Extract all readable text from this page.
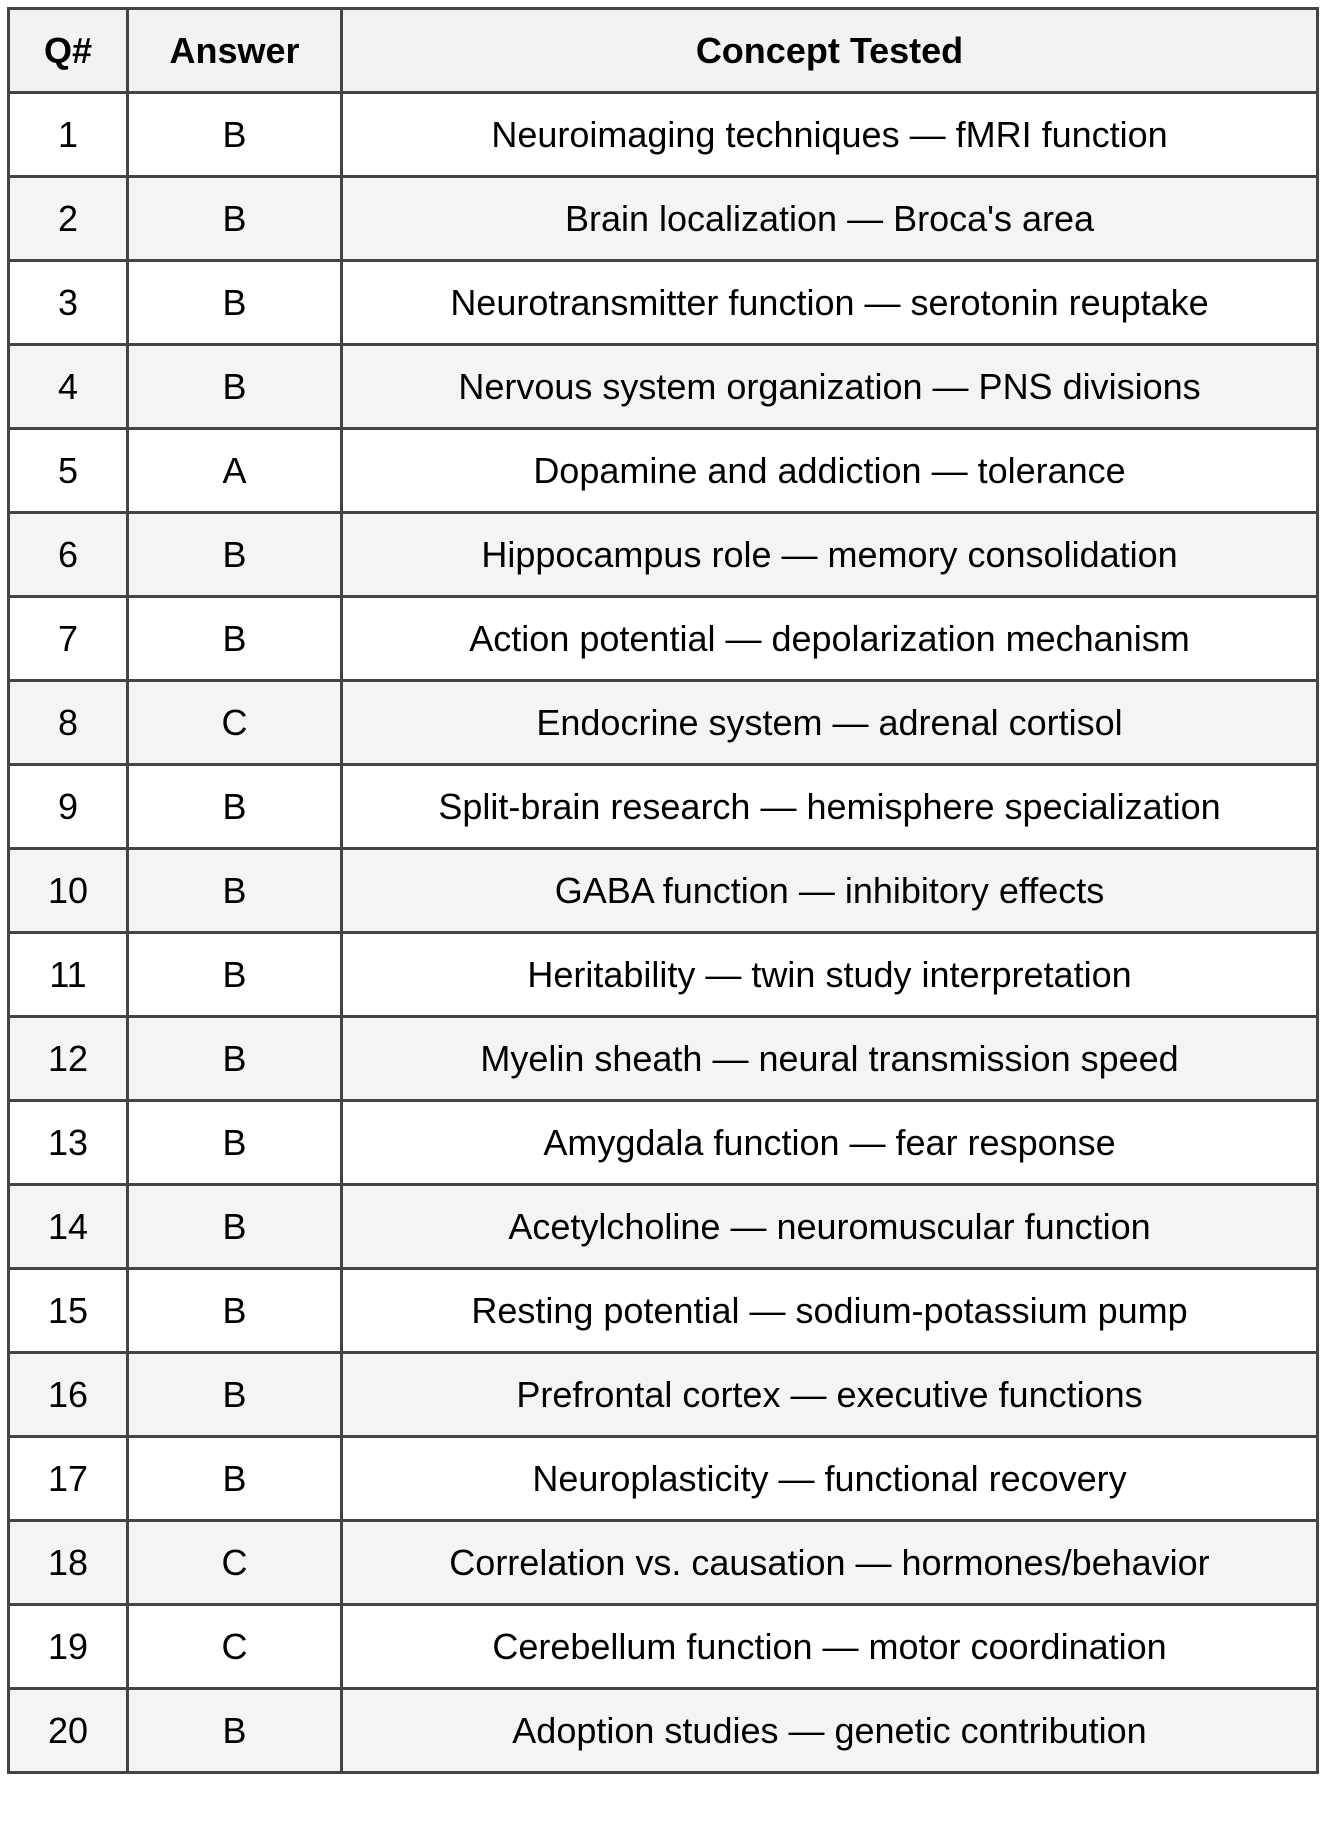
Q#	Answer	Concept Tested
1	B	Neuroimaging techniques — fMRI function
2	B	Brain localization — Broca's area
3	B	Neurotransmitter function — serotonin reuptake
4	B	Nervous system organization — PNS divisions
5	A	Dopamine and addiction — tolerance
6	B	Hippocampus role — memory consolidation
7	B	Action potential — depolarization mechanism
8	C	Endocrine system — adrenal cortisol
9	B	Split-brain research — hemisphere specialization
10	B	GABA function — inhibitory effects
11	B	Heritability — twin study interpretation
12	B	Myelin sheath — neural transmission speed
13	B	Amygdala function — fear response
14	B	Acetylcholine — neuromuscular function
15	B	Resting potential — sodium-potassium pump
16	B	Prefrontal cortex — executive functions
17	B	Neuroplasticity — functional recovery
18	C	Correlation vs. causation — hormones/behavior
19	C	Cerebellum function — motor coordination
20	B	Adoption studies — genetic contribution
